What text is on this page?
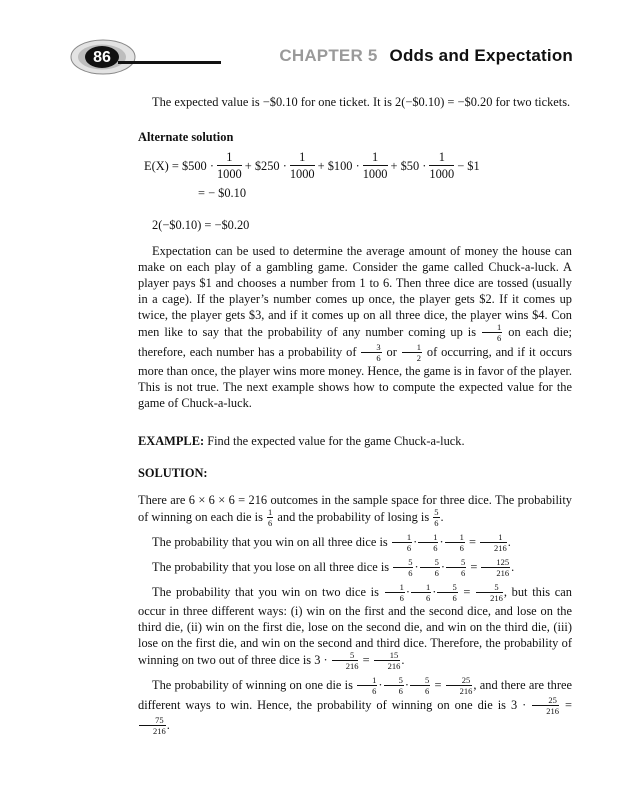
86	CHAPTER 5 Odds and Expectation

The expected value is −$0.10 for one ticket. It is 2(−$0.10) = −$0.20 for two tickets.

Alternate solution

E(X) = $500 · $\frac{1}{1000}$ + $250 · $\frac{1}{1000}$ + $100 · $\frac{1}{1000}$ + $50 · $\frac{1}{1000}$ − $1

= − $0.10

2(−$0.10) = −$0.20

Expectation can be used to determine the average amount of money the house can make on each play of a gambling game. Consider the game called Chuck-a-luck. A player pays $1 and chooses a number from 1 to 6. Then three dice are tossed (usually in a cage). If the player’s number comes up once, the player gets $2. If it comes up twice, the player gets $3, and if it comes up on all three dice, the player wins $4. Con men like to say that the probability of any number coming up is $\frac{1}{6}$ on each die; therefore, each number has a probability of $\frac{3}{6}$ or $\frac{1}{2}$ of occurring, and if it occurs more than once, the player wins more money. Hence, the game is in favor of the player. This is not true. The next example shows how to compute the expected value for the game of Chuck-a-luck.

EXAMPLE: Find the expected value for the game Chuck-a-luck.

SOLUTION:

There are 6 × 6 × 6 = 216 outcomes in the sample space for three dice. The probability of winning on each die is $\frac{1}{6}$ and the probability of losing is $\frac{5}{6}$ .

The probability that you win on all three dice is $\frac{1}{6} \cdot \frac{1}{6} \cdot \frac{1}{6} = \frac{1}{216}$ .

The probability that you lose on all three dice is $\frac{5}{6} \cdot \frac{5}{6} \cdot \frac{5}{6} = \frac{125}{216}$ .

The probability that you win on two dice is $\frac{1}{6} \cdot \frac{1}{6} \cdot \frac{5}{6} = \frac{5}{216}$ , but this can occur in three different ways: (i) win on the first and the second dice, and lose on the third die, (ii) win on the first die, lose on the second die, and win on the third die, (iii) lose on the first die, and win on the second and third dice. Therefore, the probability of winning on two out of three dice is $3 \cdot \frac{5}{216} = \frac{15}{216}$ .

The probability of winning on one die is $\frac{1}{6} \cdot \frac{5}{6} \cdot \frac{5}{6} = \frac{25}{216}$ , and there are three different ways to win. Hence, the probability of winning on one die is $3 \cdot \frac{25}{216}$ =
$\frac{75}{216}$ .
